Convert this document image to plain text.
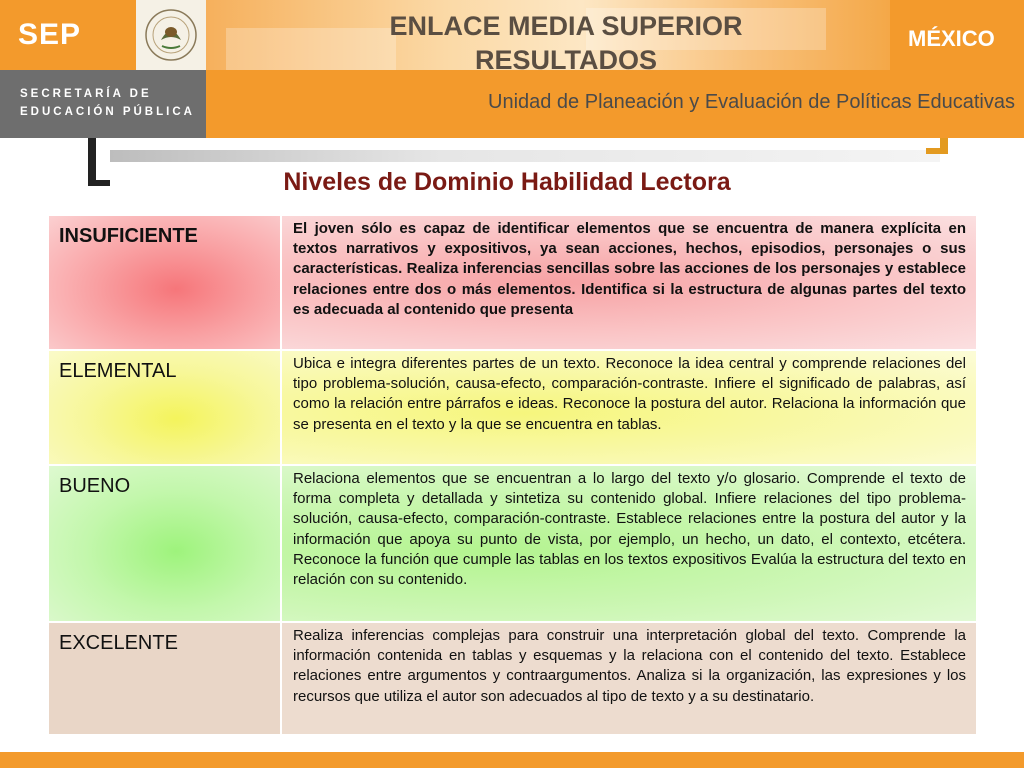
SEP	MÉXICO
SECRETARÍA DE
EDUCACIÓN PÚBLICA
ENLACE MEDIA SUPERIOR
RESULTADOS
Unidad de Planeación y Evaluación de Políticas Educativas
Niveles de Dominio Habilidad Lectora
INSUFICIENTE	El joven sólo es capaz de identificar elementos que se encuentra de manera explícita en textos narrativos y expositivos, ya sean acciones, hechos, episodios, personajes o sus características. Realiza inferencias sencillas sobre las acciones de los personajes y establece relaciones entre dos o más elementos. Identifica si la estructura de algunas partes del texto es adecuada al contenido que presenta
ELEMENTAL	Ubica e integra diferentes partes de un texto. Reconoce la idea central y comprende relaciones del tipo problema-solución, causa-efecto, comparación-contraste. Infiere el significado de palabras, así como la relación entre párrafos e ideas. Reconoce la postura del autor. Relaciona la información que se presenta en el texto y la que se encuentra en tablas.
BUENO	Relaciona elementos que se encuentran a lo largo del texto y/o glosario. Comprende el texto de forma completa y detallada y sintetiza su contenido global. Infiere relaciones del tipo problema-solución, causa-efecto, comparación-contraste. Establece relaciones entre la postura del autor y la información que apoya su punto de vista, por ejemplo, un hecho, un dato, el contexto, etcétera. Reconoce la función que cumple las tablas en los textos expositivos Evalúa la estructura del texto en relación con su contenido.
EXCELENTE	Realiza inferencias complejas para construir una interpretación global del texto. Comprende la información contenida en tablas y esquemas y la relaciona con el contenido del texto. Establece relaciones entre argumentos y contraargumentos. Analiza si la organización, las expresiones y los recursos que utiliza el autor son adecuados al tipo de texto y a su destinatario.
